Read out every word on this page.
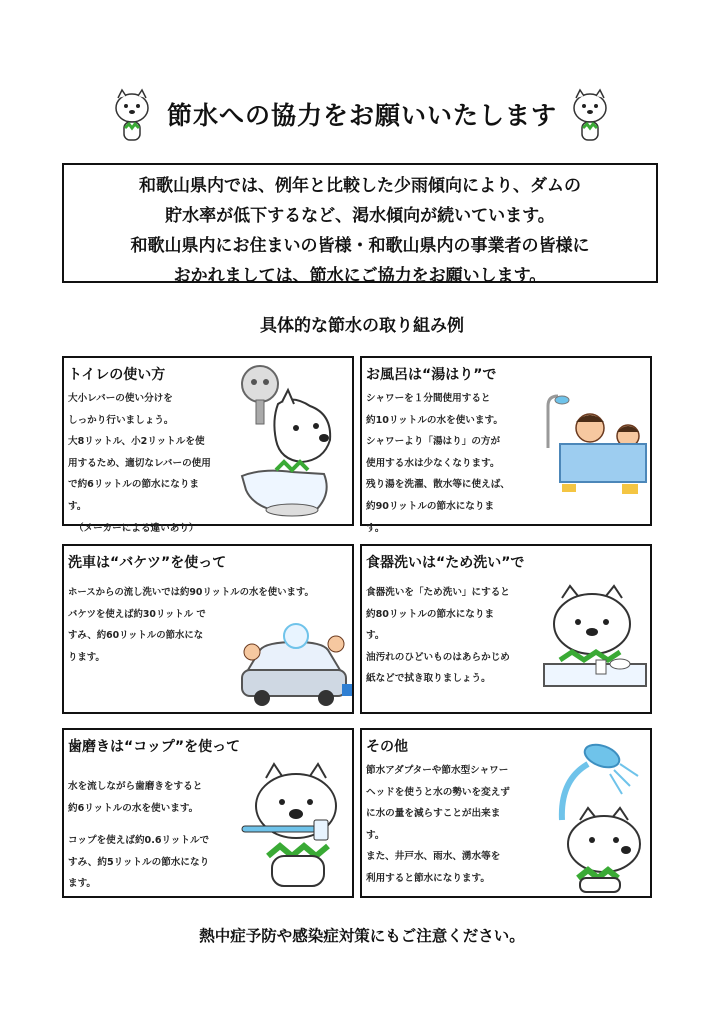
節水への協力をお願いいたします

和歌山県内では、例年と比較した少雨傾向により、ダムの

貯水率が低下するなど、渇水傾向が続いています。

和歌山県内にお住まいの皆様・和歌山県内の事業者の皆様に

おかれましては、節水にご協力をお願いします。

具体的な節水の取り組み例
トイレの使い方

大小レバーの使い分けを

しっかり行いましょう。

大8リットル、小2リットルを使

用するため、適切なレバーの使用

で約6リットルの節水になりま

す。

（メーカーによる違いあり）

お風呂は“湯はり”で

シャワーを１分間使用すると

約10リットルの水を使います。

シャワーより「湯はり」の方が

使用する水は少なくなります。

残り湯を洗濯、散水等に使えば、

約90リットルの節水になりま

す。

洗車は“バケツ”を使って

ホースからの流し洗いでは約90リットルの水を使います。

バケツを使えば約30リットル で

すみ、約60リットルの節水にな

ります。

食器洗いは“ため洗い”で

食器洗いを「ため洗い」にすると

約80リットルの節水になりま

す。

油汚れのひどいものはあらかじめ

紙などで拭き取りましょう。

歯磨きは“コップ”を使って

水を流しながら歯磨きをすると

約6リットルの水を使います。

コップを使えば約0.6リットルで

すみ、約5リットルの節水になり

ます。

その他

節水アダプターや節水型シャワー

ヘッドを使うと水の勢いを変えず

に水の量を減らすことが出来ま

す。

また、井戸水、雨水、湧水等を

利用すると節水になります。

熱中症予防や感染症対策にもご注意ください。
